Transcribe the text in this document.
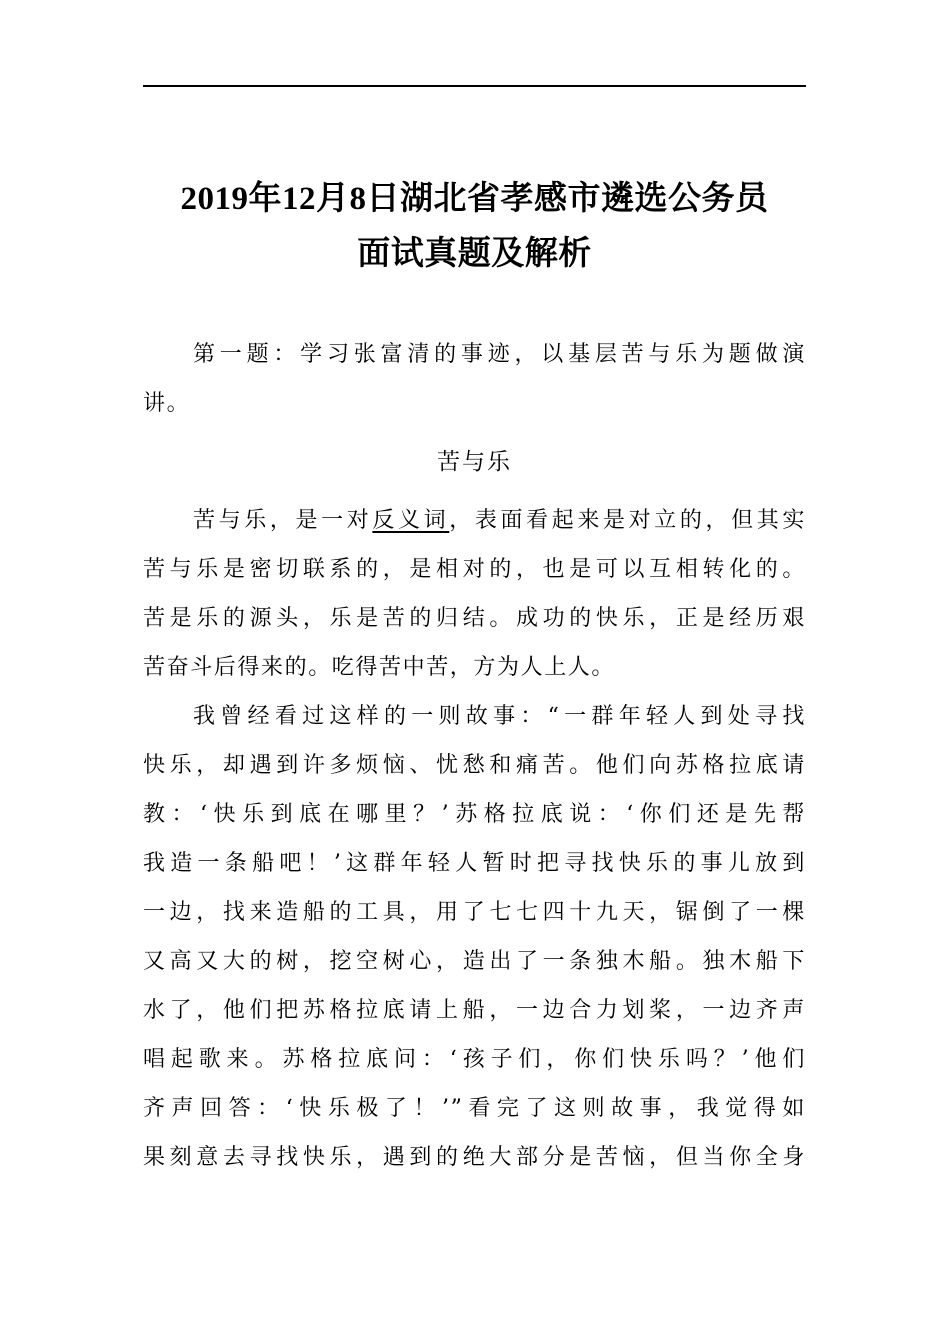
2019年12月8日湖北省孝感市遴选公务员
面试真题及解析
第一题：学习张富清的事迹，以基层苦与乐为题做演
讲。
苦与乐
苦与乐，是一对反义词，表面看起来是对立的，但其实
苦与乐是密切联系的，是相对的，也是可以互相转化的。
苦是乐的源头，乐是苦的归结。成功的快乐，正是经历艰
苦奋斗后得来的。吃得苦中苦，方为人上人。
我曾经看过这样的一则故事：“一群年轻人到处寻找
快乐，却遇到许多烦恼、忧愁和痛苦。他们向苏格拉底请
教：‘快乐到底在哪里？’苏格拉底说：‘你们还是先帮
我造一条船吧！’这群年轻人暂时把寻找快乐的事儿放到
一边，找来造船的工具，用了七七四十九天，锯倒了一棵
又高又大的树，挖空树心，造出了一条独木船。独木船下
水了，他们把苏格拉底请上船，一边合力划桨，一边齐声
唱起歌来。苏格拉底问：‘孩子们，你们快乐吗？’他们
齐声回答：‘快乐极了！’”看完了这则故事，我觉得如
果刻意去寻找快乐，遇到的绝大部分是苦恼，但当你全身
